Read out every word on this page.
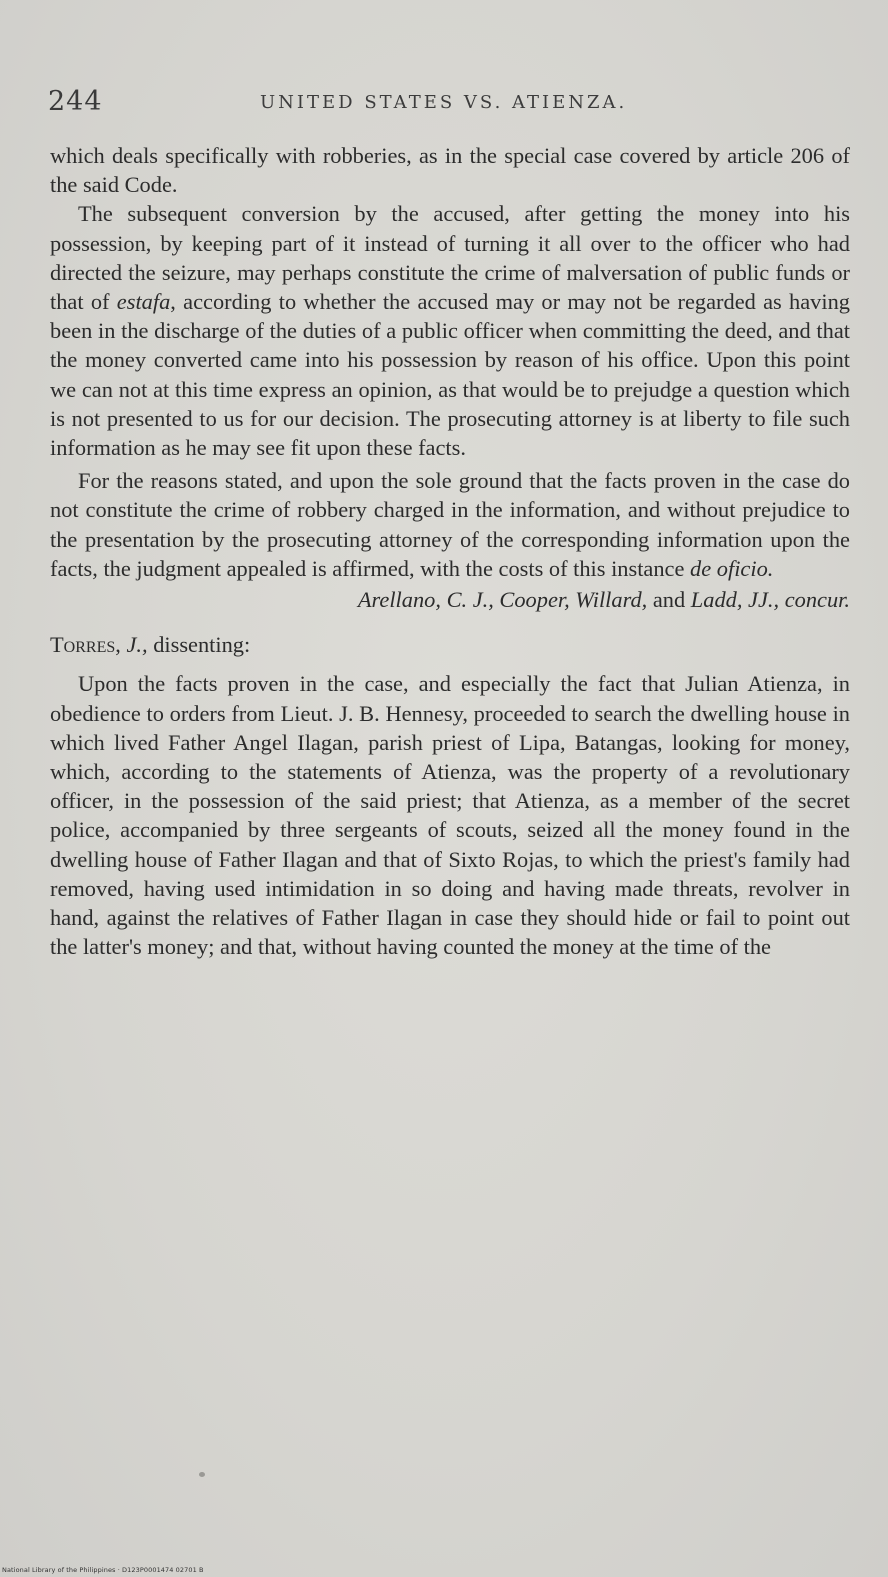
244	UNITED STATES VS. ATIENZA.

which deals specifically with robberies, as in the special case covered by article 206 of the said Code.

The subsequent conversion by the accused, after getting the money into his possession, by keeping part of it instead of turning it all over to the officer who had directed the seizure, may perhaps constitute the crime of malversation of public funds or that of estafa, according to whether the accused may or may not be regarded as having been in the discharge of the duties of a public officer when committing the deed, and that the money converted came into his possession by reason of his office. Upon this point we can not at this time express an opinion, as that would be to prejudge a question which is not presented to us for our decision. The prosecuting attorney is at liberty to file such information as he may see fit upon these facts.

For the reasons stated, and upon the sole ground that the facts proven in the case do not constitute the crime of robbery charged in the information, and without prejudice to the presentation by the prosecuting attorney of the corresponding information upon the facts, the judgment appealed is affirmed, with the costs of this instance de oficio.

Arellano, C. J., Cooper, Willard, and Ladd, JJ., concur.

Torres, J., dissenting:

Upon the facts proven in the case, and especially the fact that Julian Atienza, in obedience to orders from Lieut. J. B. Hennesy, proceeded to search the dwelling house in which lived Father Angel Ilagan, parish priest of Lipa, Batangas, looking for money, which, according to the statements of Atienza, was the property of a revolutionary officer, in the possession of the said priest; that Atienza, as a member of the secret police, accompanied by three sergeants of scouts, seized all the money found in the dwelling house of Father Ilagan and that of Sixto Rojas, to which the priest's family had removed, having used intimidation in so doing and having made threats, revolver in hand, against the relatives of Father Ilagan in case they should hide or fail to point out the latter's money; and that, without having counted the money at the time of the

National Library of the Philippines · D123P0001474 02701 B
